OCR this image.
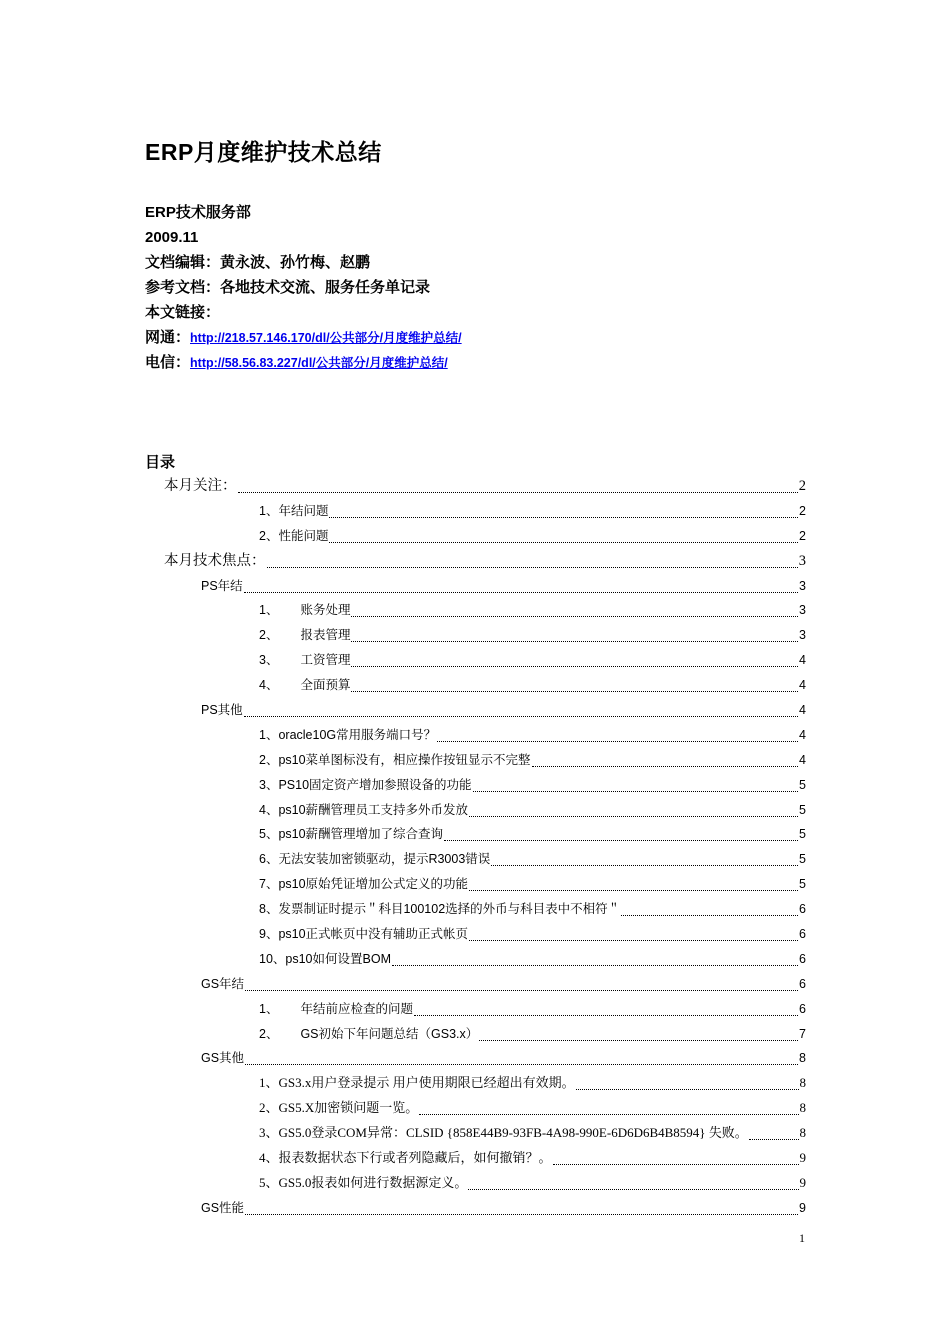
ERP月度维护技术总结
ERP技术服务部
2009.11
文档编辑：黄永波、孙竹梅、赵鹏
参考文档：各地技术交流、服务任务单记录
本文链接：
网通：http://218.57.146.170/dl/公共部分/月度维护总结/
电信：http://58.56.83.227/dl/公共部分/月度维护总结/
目录
本月关注：	2
1、年结问题	2
2、性能问题	2
本月技术焦点：	3
PS年结	3
1、 账务处理	3
2、 报表管理	3
3、 工资管理	4
4、 全面预算	4
PS其他	4
1、oracle10G常用服务端口号？	4
2、ps10菜单图标没有，相应操作按钮显示不完整	4
3、PS10固定资产增加参照设备的功能	5
4、ps10薪酬管理员工支持多外币发放	5
5、ps10薪酬管理增加了综合查询	5
6、无法安装加密锁驱动，提示R3003错误	5
7、ps10原始凭证增加公式定义的功能	5
8、发票制证时提示＂科目100102选择的外币与科目表中不相符＂	6
9、ps10正式帐页中没有辅助正式帐页	6
10、ps10如何设置BOM	6
GS年结	6
1、 年结前应检查的问题	6
2、 GS初始下年问题总结（GS3.x）	7
GS其他	8
1、GS3.x用户登录提示 用户使用期限已经超出有效期。	8
2、GS5.X加密锁问题一览。	8
3、GS5.0登录COM异常：CLSID {858E44B9-93FB-4A98-990E-6D6D6B4B8594} 失败。	8
4、报表数据状态下行或者列隐藏后，如何撤销？。	9
5、GS5.0报表如何进行数据源定义。	9
GS性能	9
1
